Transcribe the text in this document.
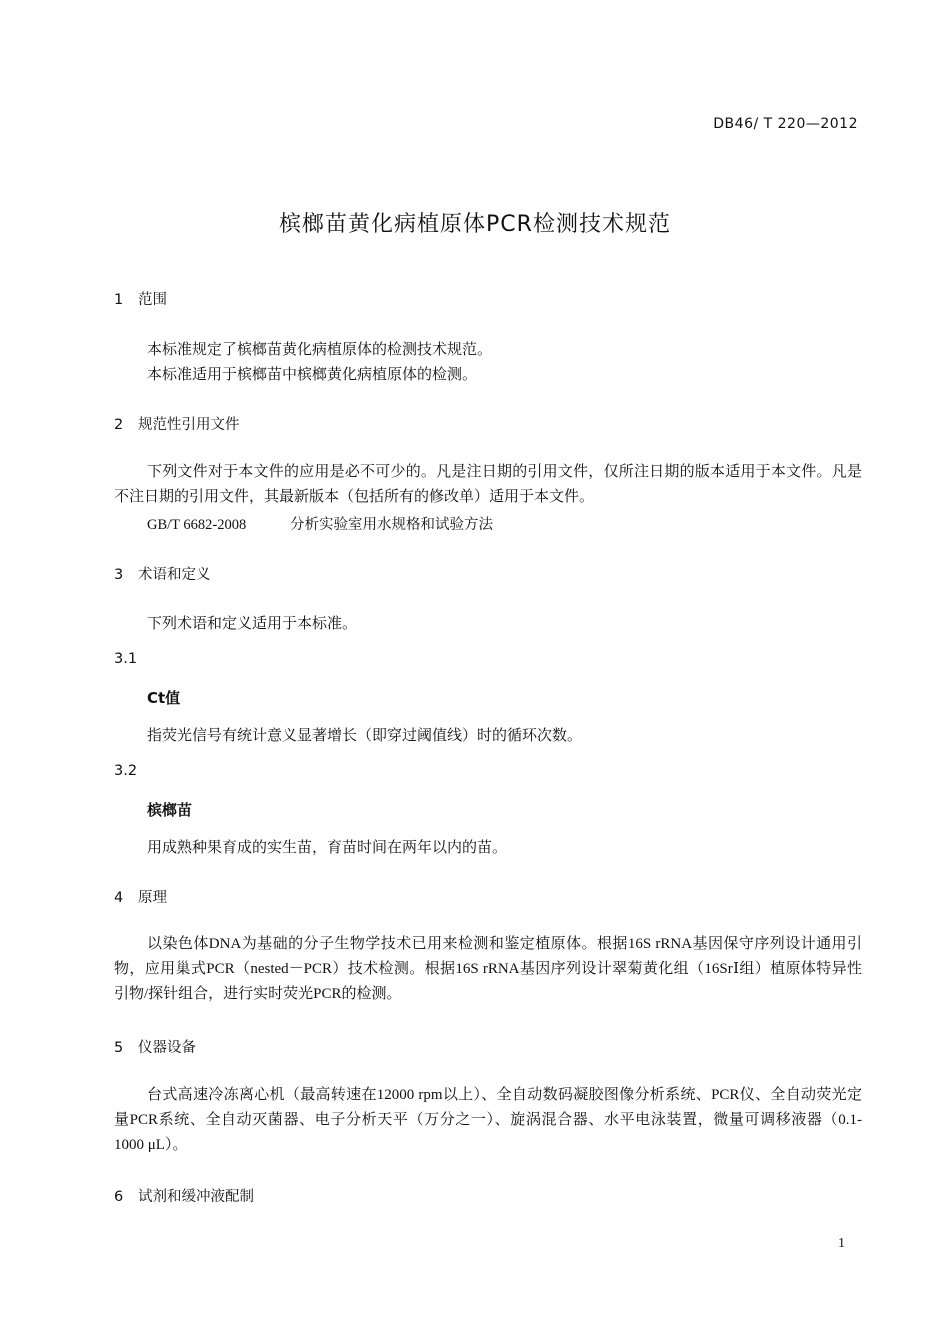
DB46/ T 220—2012
槟榔苗黄化病植原体PCR检测技术规范
1 范围
本标准规定了槟榔苗黄化病植原体的检测技术规范。
本标准适用于槟榔苗中槟榔黄化病植原体的检测。
2 规范性引用文件
下列文件对于本文件的应用是必不可少的。凡是注日期的引用文件，仅所注日期的版本适用于本文件。凡是不注日期的引用文件，其最新版本（包括所有的修改单）适用于本文件。
GB/T 6682-2008	分析实验室用水规格和试验方法
3 术语和定义
下列术语和定义适用于本标准。
3.1
Ct值
指荧光信号有统计意义显著增长（即穿过阈值线）时的循环次数。
3.2
槟榔苗
用成熟种果育成的实生苗，育苗时间在两年以内的苗。
4 原理
以染色体DNA为基础的分子生物学技术已用来检测和鉴定植原体。根据16S rRNA基因保守序列设计通用引物，应用巢式PCR（nested－PCR）技术检测。根据16S rRNA基因序列设计翠菊黄化组（16SrⅠ组）植原体特异性引物/探针组合，进行实时荧光PCR的检测。
5 仪器设备
台式高速冷冻离心机（最高转速在12000 rpm以上）、全自动数码凝胶图像分析系统、PCR仪、全自动荧光定量PCR系统、全自动灭菌器、电子分析天平（万分之一）、旋涡混合器、水平电泳装置，微量可调移液器（0.1-1000 μL）。
6 试剂和缓冲液配制
1
